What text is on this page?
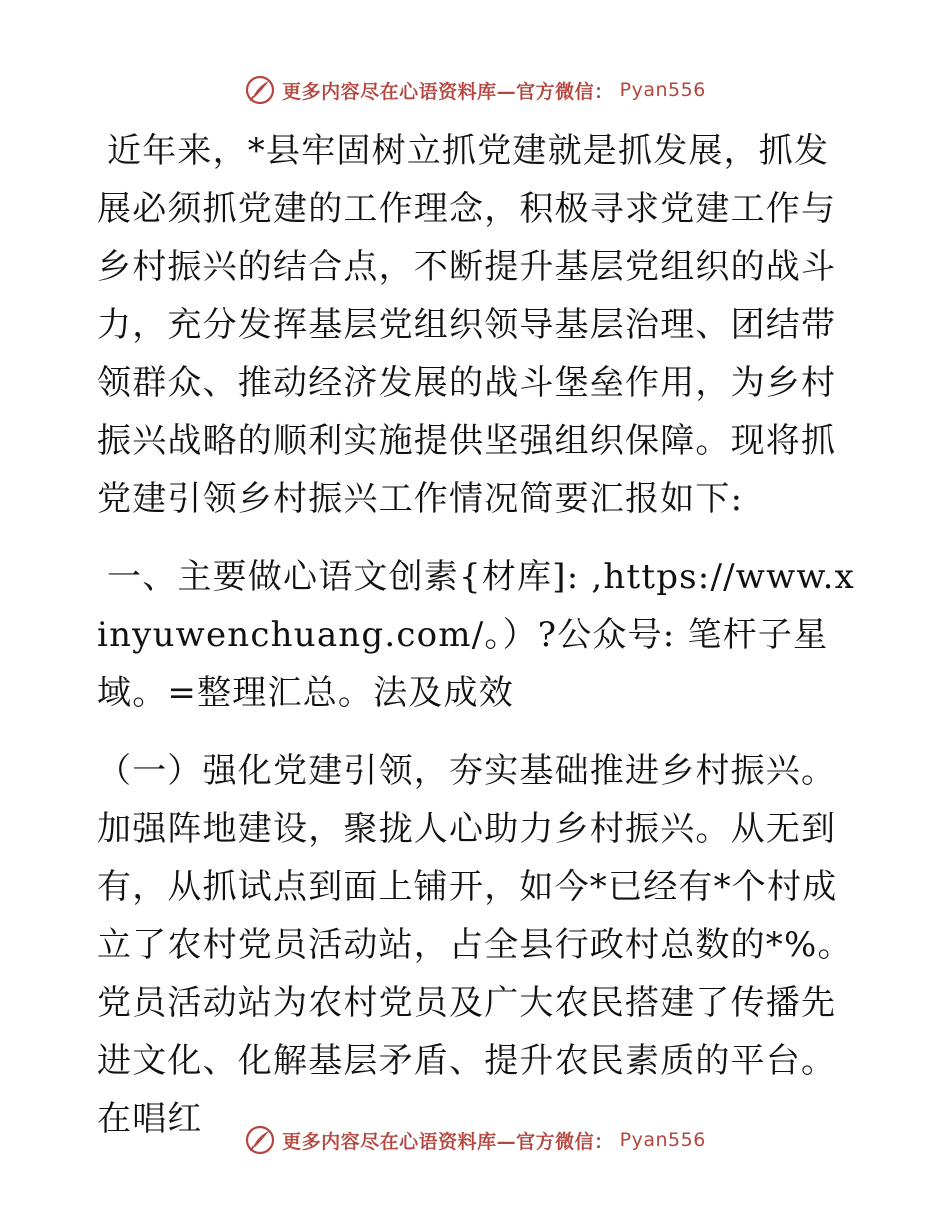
更多内容尽在心语资料库—官方微信： Pyan556

近年来，*县牢固树立抓党建就是抓发展，抓发展必须抓党建的工作理念，积极寻求党建工作与乡村振兴的结合点，不断提升基层党组织的战斗力，充分发挥基层党组织领导基层治理、团结带领群众、推动经济发展的战斗堡垒作用，为乡村振兴战略的顺利实施提供坚强组织保障。现将抓党建引领乡村振兴工作情况简要汇报如下:

一、主要做心语文创素{材库]: ,https://www.xinyuwenchuang.com/。）?公众号: 笔杆子星域。=整理汇总。法及成效

（一）强化党建引领，夯实基础推进乡村振兴。加强阵地建设，聚拢人心助力乡村振兴。从无到有，从抓试点到面上铺开，如今*已经有*个村成立了农村党员活动站，占全县行政村总数的*%。党员活动站为农村党员及广大农民搭建了传播先进文化、化解基层矛盾、提升农民素质的平台。在唱红

更多内容尽在心语资料库—官方微信： Pyan556
